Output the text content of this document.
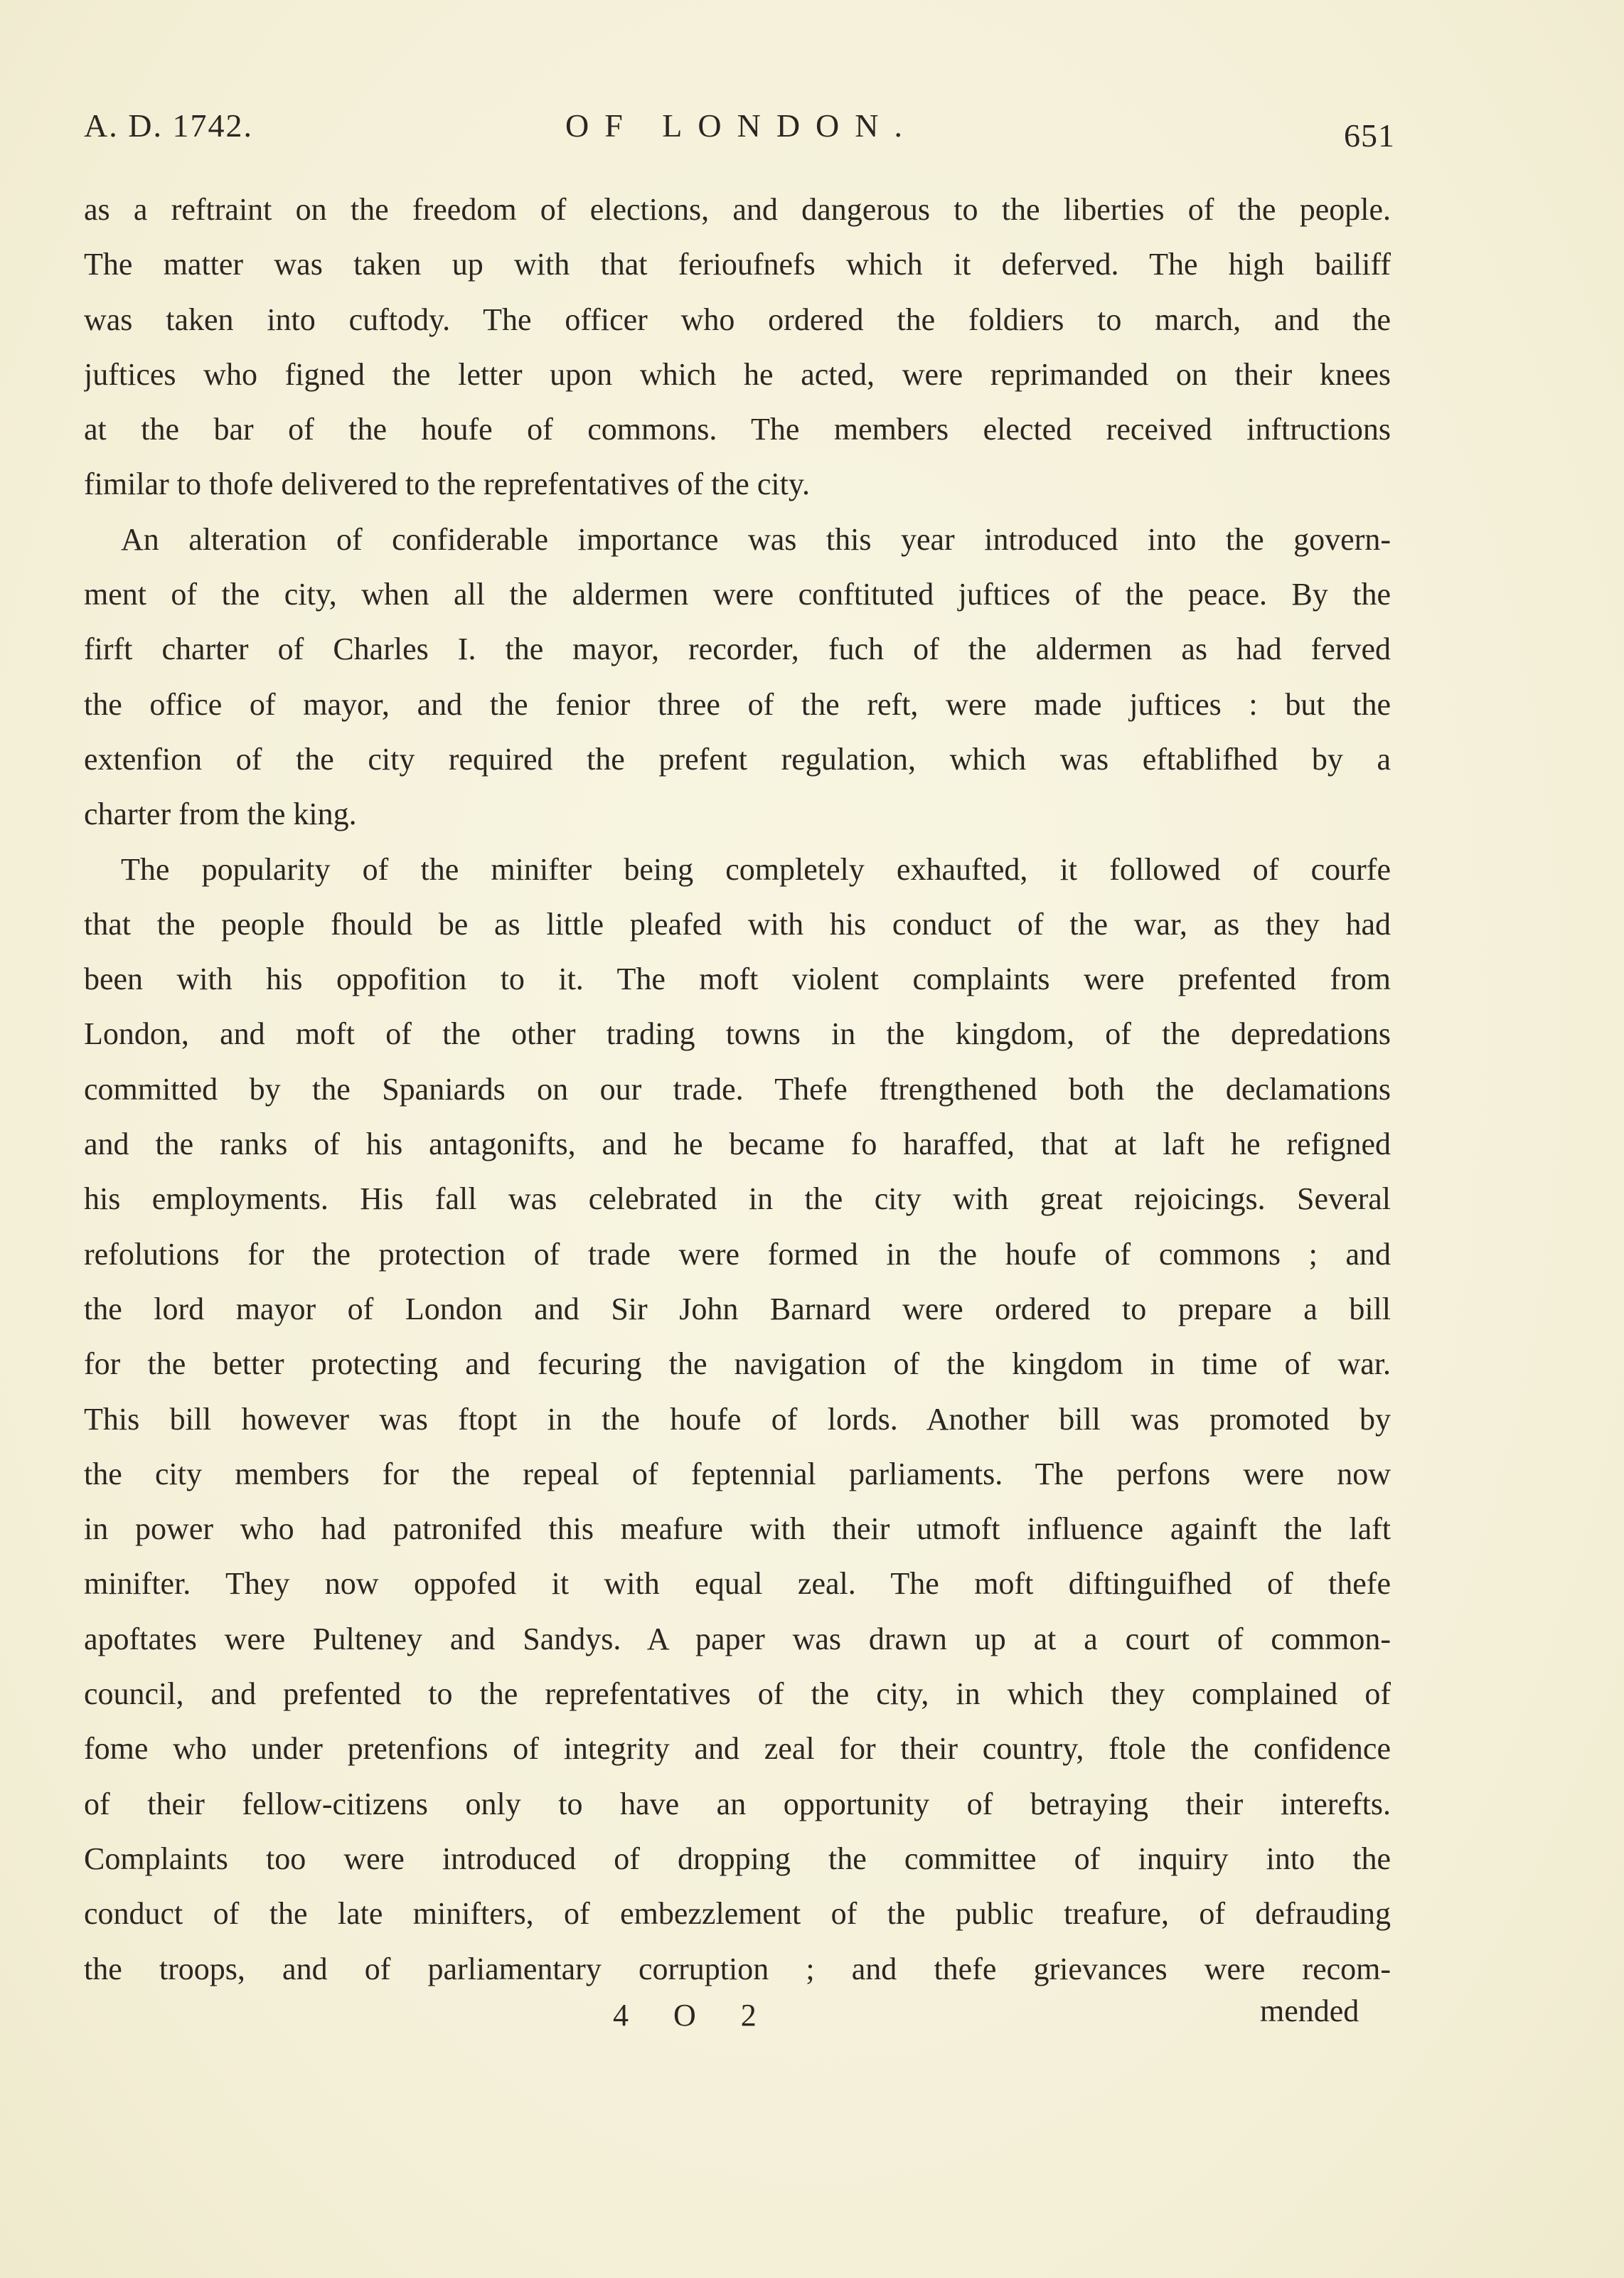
A. D. 1742.	OF LONDON.	651
as a reftraint on the freedom of elections, and dangerous to the liberties of the people.
The matter was taken up with that ferioufnefs which it deferved. The high bailiff
was taken into cuftody. The officer who ordered the foldiers to march, and the
juftices who figned the letter upon which he acted, were reprimanded on their knees
at the bar of the houfe of commons. The members elected received inftructions
fimilar to thofe delivered to the reprefentatives of the city.
An alteration of confiderable importance was this year introduced into the govern-
ment of the city, when all the aldermen were conftituted juftices of the peace. By the
firft charter of Charles I. the mayor, recorder, fuch of the aldermen as had ferved
the office of mayor, and the fenior three of the reft, were made juftices : but the
extenfion of the city required the prefent regulation, which was eftablifhed by a
charter from the king.
The popularity of the minifter being completely exhaufted, it followed of courfe
that the people fhould be as little pleafed with his conduct of the war, as they had
been with his oppofition to it. The moft violent complaints were prefented from
London, and moft of the other trading towns in the kingdom, of the depredations
committed by the Spaniards on our trade. Thefe ftrengthened both the declamations
and the ranks of his antagonifts, and he became fo haraffed, that at laft he refigned
his employments. His fall was celebrated in the city with great rejoicings. Several
refolutions for the protection of trade were formed in the houfe of commons ; and
the lord mayor of London and Sir John Barnard were ordered to prepare a bill
for the better protecting and fecuring the navigation of the kingdom in time of war.
This bill however was ftopt in the houfe of lords. Another bill was promoted by
the city members for the repeal of feptennial parliaments. The perfons were now
in power who had patronifed this meafure with their utmoft influence againft the laft
minifter. They now oppofed it with equal zeal. The moft diftinguifhed of thefe
apoftates were Pulteney and Sandys. A paper was drawn up at a court of common-
council, and prefented to the reprefentatives of the city, in which they complained of
fome who under pretenfions of integrity and zeal for their country, ftole the confidence
of their fellow-citizens only to have an opportunity of betraying their interefts.
Complaints too were introduced of dropping the committee of inquiry into the
conduct of the late minifters, of embezzlement of the public treafure, of defrauding
the troops, and of parliamentary corruption ; and thefe grievances were recom-
4 O 2	mended
